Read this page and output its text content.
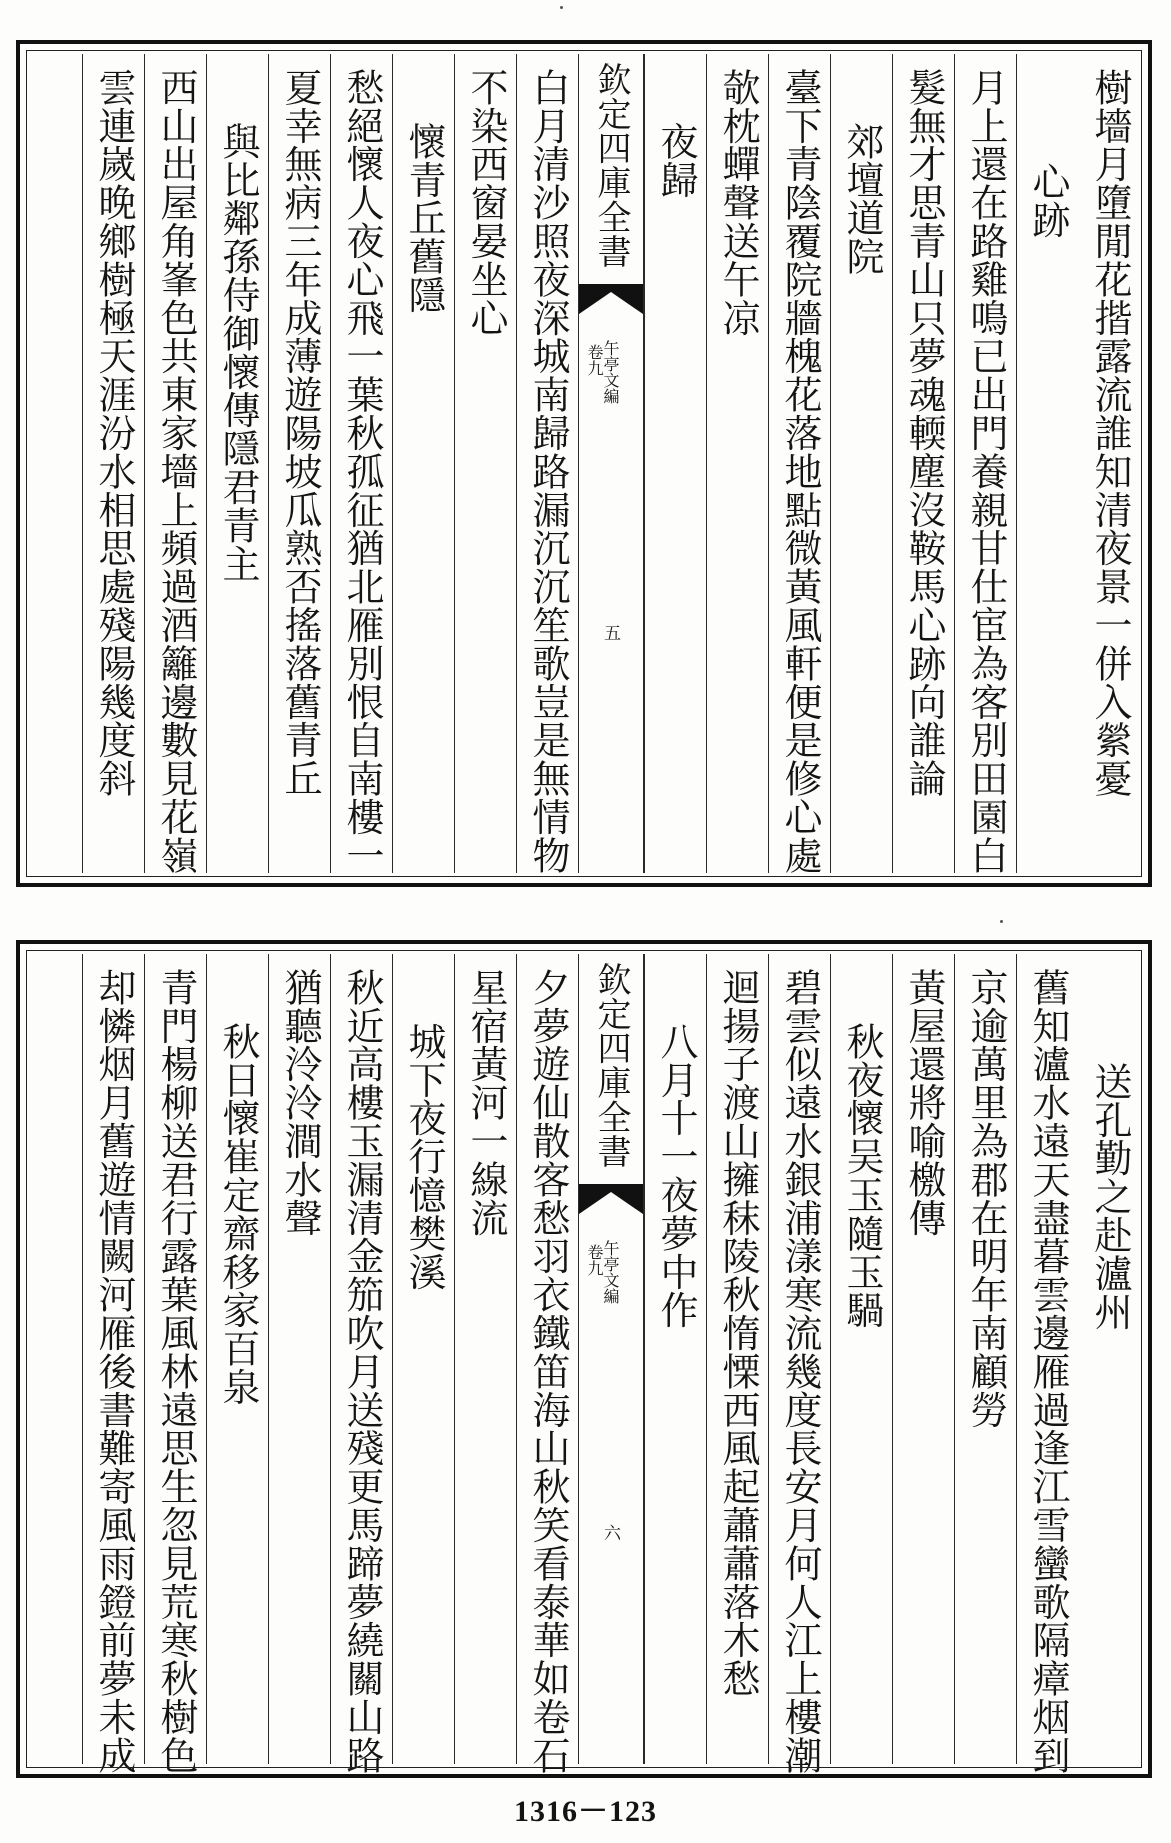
樹墻月墮閒花揩露流誰知清夜景一併入縈憂
心跡
月上還在路雞鳴已出門養親甘仕宦為客別田園白
髮無才思青山只夢魂輭塵沒鞍馬心跡向誰論
郊壇道院
臺下青陰覆院牆槐花落地點微黃風軒便是修心處
欹枕蟬聲送午凉
夜歸
欽定四庫全書
午亭文編
卷九
五
白月清沙照夜深城南歸路漏沉沉笙歌豈是無情物
不染西窗晏坐心
懷青丘舊隱
愁絕懷人夜心飛一葉秋孤征猶北雁別恨自南樓一
夏幸無病三年成薄遊陽坡瓜熟否搖落舊青丘
與比鄰孫侍御懷傳隱君青主
西山出屋角峯色共東家墻上頻過酒籬邊數見花嶺
雲連嵗晚鄉樹極天涯汾水相思處殘陽幾度斜
送孔勤之赴瀘州
舊知瀘水遠天盡暮雲邊雁過逢江雪蠻歌隔瘴烟到
京逾萬里為郡在明年南顧勞
黃屋還將喻檄傳
秋夜懷吴玉隨玉騧
碧雲似遠水銀浦漾寒流幾度長安月何人江上樓潮
迴揚子渡山擁秣陵秋惰慄西風起蕭蕭落木愁
八月十一夜夢中作
欽定四庫全書
午亭文編
卷九
六
夕夢遊仙散客愁羽衣鐵笛海山秋笑看泰華如卷石
星宿黃河一線流
城下夜行憶樊溪
秋近高樓玉漏清金笳吹月送殘更馬蹄夢繞關山路
猶聽泠泠澗水聲
秋日懷崔定齋移家百泉
青門楊柳送君行露葉風林遠思生忽見荒寒秋樹色
却憐烟月舊遊情闕河雁後書難寄風雨鐙前夢未成
1316－123
